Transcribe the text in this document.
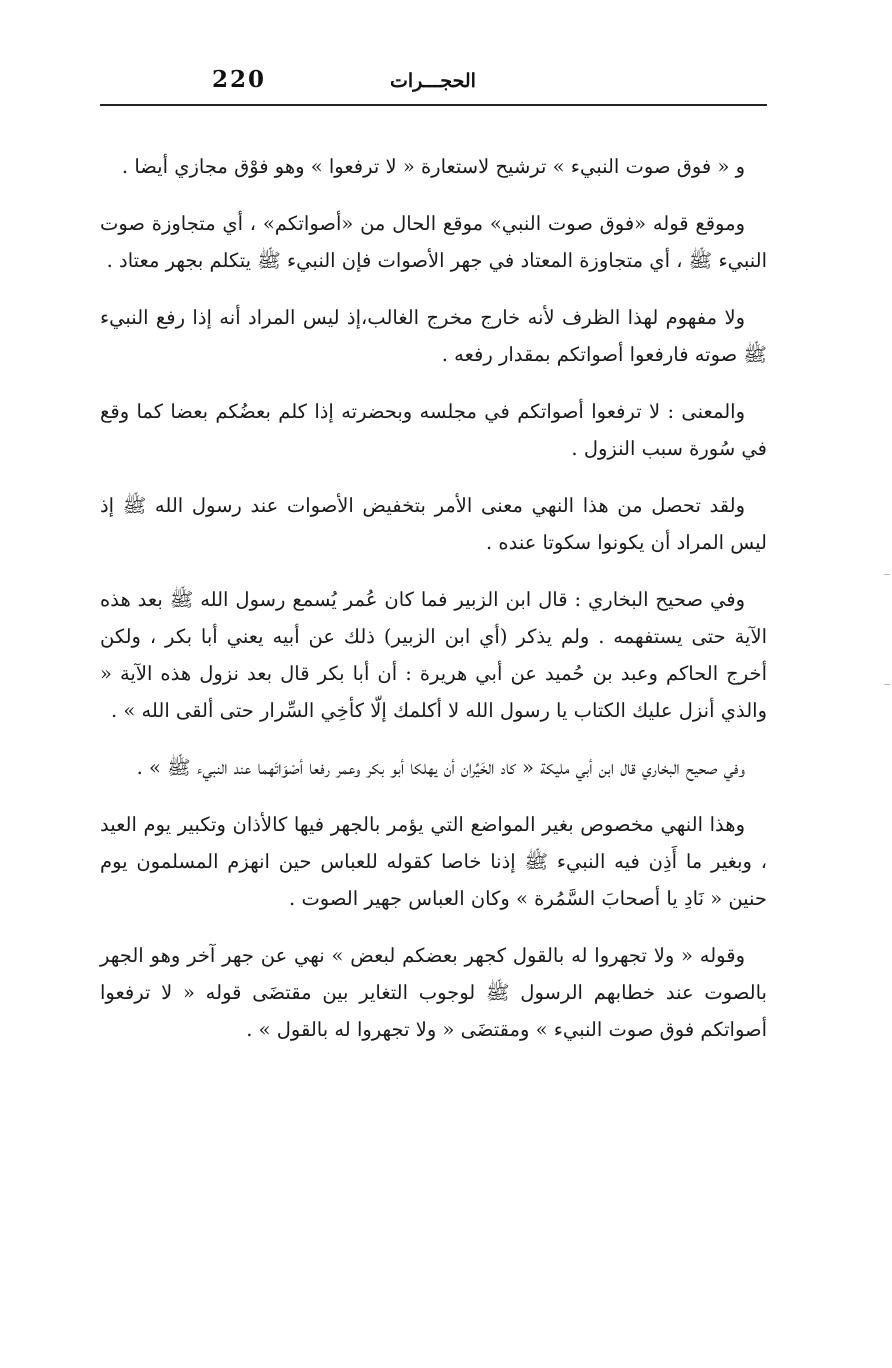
220	الحجـــرات

و « فوق صوت النبيء » ترشيح لاستعارة « لا ترفعوا » وهو فوْق مجازي أيضا .

وموقع قوله «فوق صوت النبي» موقع الحال من «أصواتكم» ، أي متجاوزة صوت النبيء ﷺ ، أي متجاوزة المعتاد في جهر الأصوات فإن النبيء ﷺ يتكلم بجهر معتاد .

ولا مفهوم لهذا الظرف لأنه خارج مخرج الغالب،إذ ليس المراد أنه إذا رفع النبيء ﷺ صوته فارفعوا أصواتكم بمقدار رفعه .

والمعنى : لا ترفعوا أصواتكم في مجلسه وبحضرته إذا كلم بعضُكم بعضا كما وقع في سُورة سبب النزول .

ولقد تحصل من هذا النهي معنى الأمر بتخفيض الأصوات عند رسول الله ﷺ إذ ليس المراد أن يكونوا سكوتا عنده .

وفي صحيح البخاري : قال ابن الزبير فما كان عُمر يُسمع رسول الله ﷺ بعد هذه الآية حتى يستفهمه . ولم يذكر (أي ابن الزبير) ذلك عن أبيه يعني أبا بكر ، ولكن أخرج الحاكم وعبد بن حُميد عن أبي هريرة : أن أبا بكر قال بعد نزول هذه الآية « والذي أنزل عليك الكتاب يا رسول الله لا أكلمك إلّا كأخِي السِّرار حتى ألقى الله » .

وفي صحيح البخاري قال ابن أبي مليكة « كاد الخَيِّران أن يهلكا أبو بكر وعمر رفعا أصْوَاتَهما عند النبيء ﷺ » .

وهذا النهي مخصوص بغير المواضع التي يؤمر بالجهر فيها كالأذان وتكبير يوم العيد ، وبغير ما أَذِن فيه النبيء ﷺ إذنا خاصا كقوله للعباس حين انهزم المسلمون يوم حنين « نَادِ يا أصحابَ السَّمُرة » وكان العباس جهير الصوت .

وقوله « ولا تجهروا له بالقول كجهر بعضكم لبعض » نهي عن جهر آخر وهو الجهر بالصوت عند خطابهم الرسول ﷺ لوجوب التغاير بين مقتضَى قوله « لا ترفعوا أصواتكم فوق صوت النبيء » ومقتضَى « ولا تجهروا له بالقول » .
